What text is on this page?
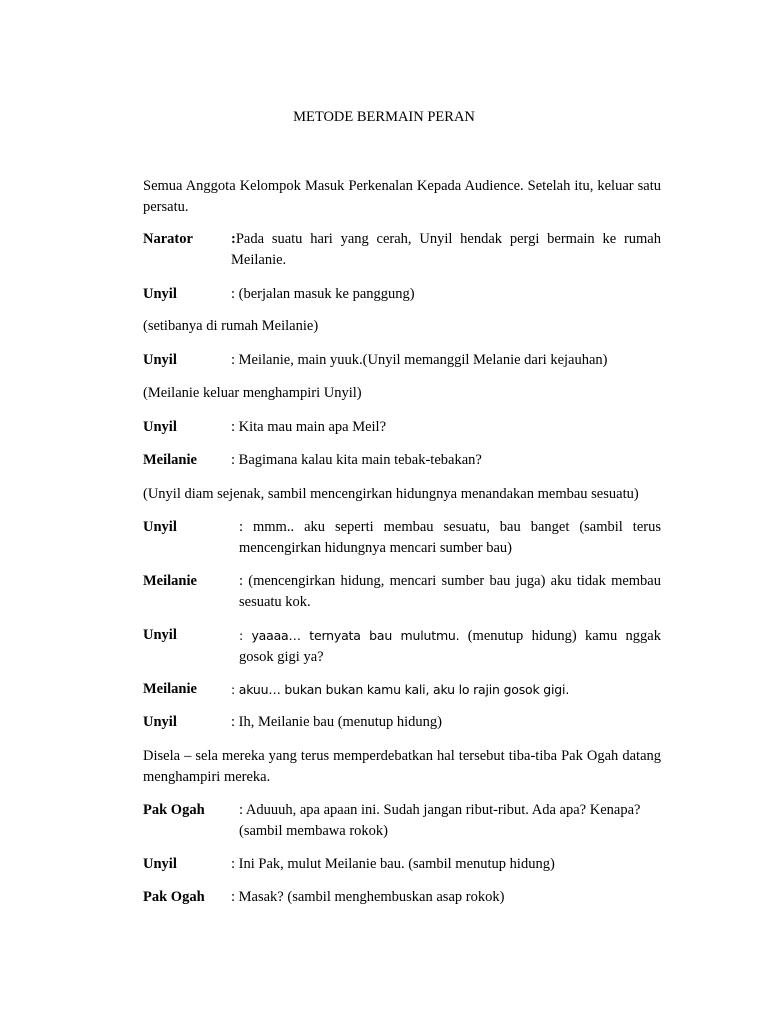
METODE BERMAIN PERAN
Semua Anggota Kelompok Masuk Perkenalan Kepada Audience. Setelah itu, keluar satu persatu.
Narator	:Pada suatu hari yang cerah, Unyil hendak pergi bermain ke rumah Meilanie.
Unyil	: (berjalan masuk ke panggung)
(setibanya di rumah Meilanie)
Unyil	: Meilanie, main yuuk.(Unyil memanggil Melanie dari kejauhan)
(Meilanie keluar menghampiri Unyil)
Unyil	: Kita mau main apa Meil?
Meilanie : Bagimana kalau kita main tebak-tebakan?
(Unyil diam sejenak, sambil mencengirkan hidungnya menandakan membau sesuatu)
Unyil	: mmm.. aku seperti membau sesuatu, bau banget (sambil terus mencengirkan hidungnya mencari sumber bau)
Meilanie	: (mencengirkan hidung, mencari sumber bau juga) aku tidak membau sesuatu kok.
Unyil	: yaaaa… ternyata bau mulutmu. (menutup hidung) kamu nggak gosok gigi ya?
Meilanie	: akuu… bukan bukan kamu kali, aku lo rajin gosok gigi.
Unyil	: Ih, Meilanie bau (menutup hidung)
Disela – sela mereka yang terus memperdebatkan hal tersebut tiba-tiba Pak Ogah datang menghampiri mereka.
Pak Ogah : Aduuuh, apa apaan ini. Sudah jangan ribut-ribut. Ada apa? Kenapa? (sambil membawa rokok)
Unyil	: Ini Pak, mulut Meilanie bau. (sambil menutup hidung)
Pak Ogah : Masak? (sambil menghembuskan asap rokok)
